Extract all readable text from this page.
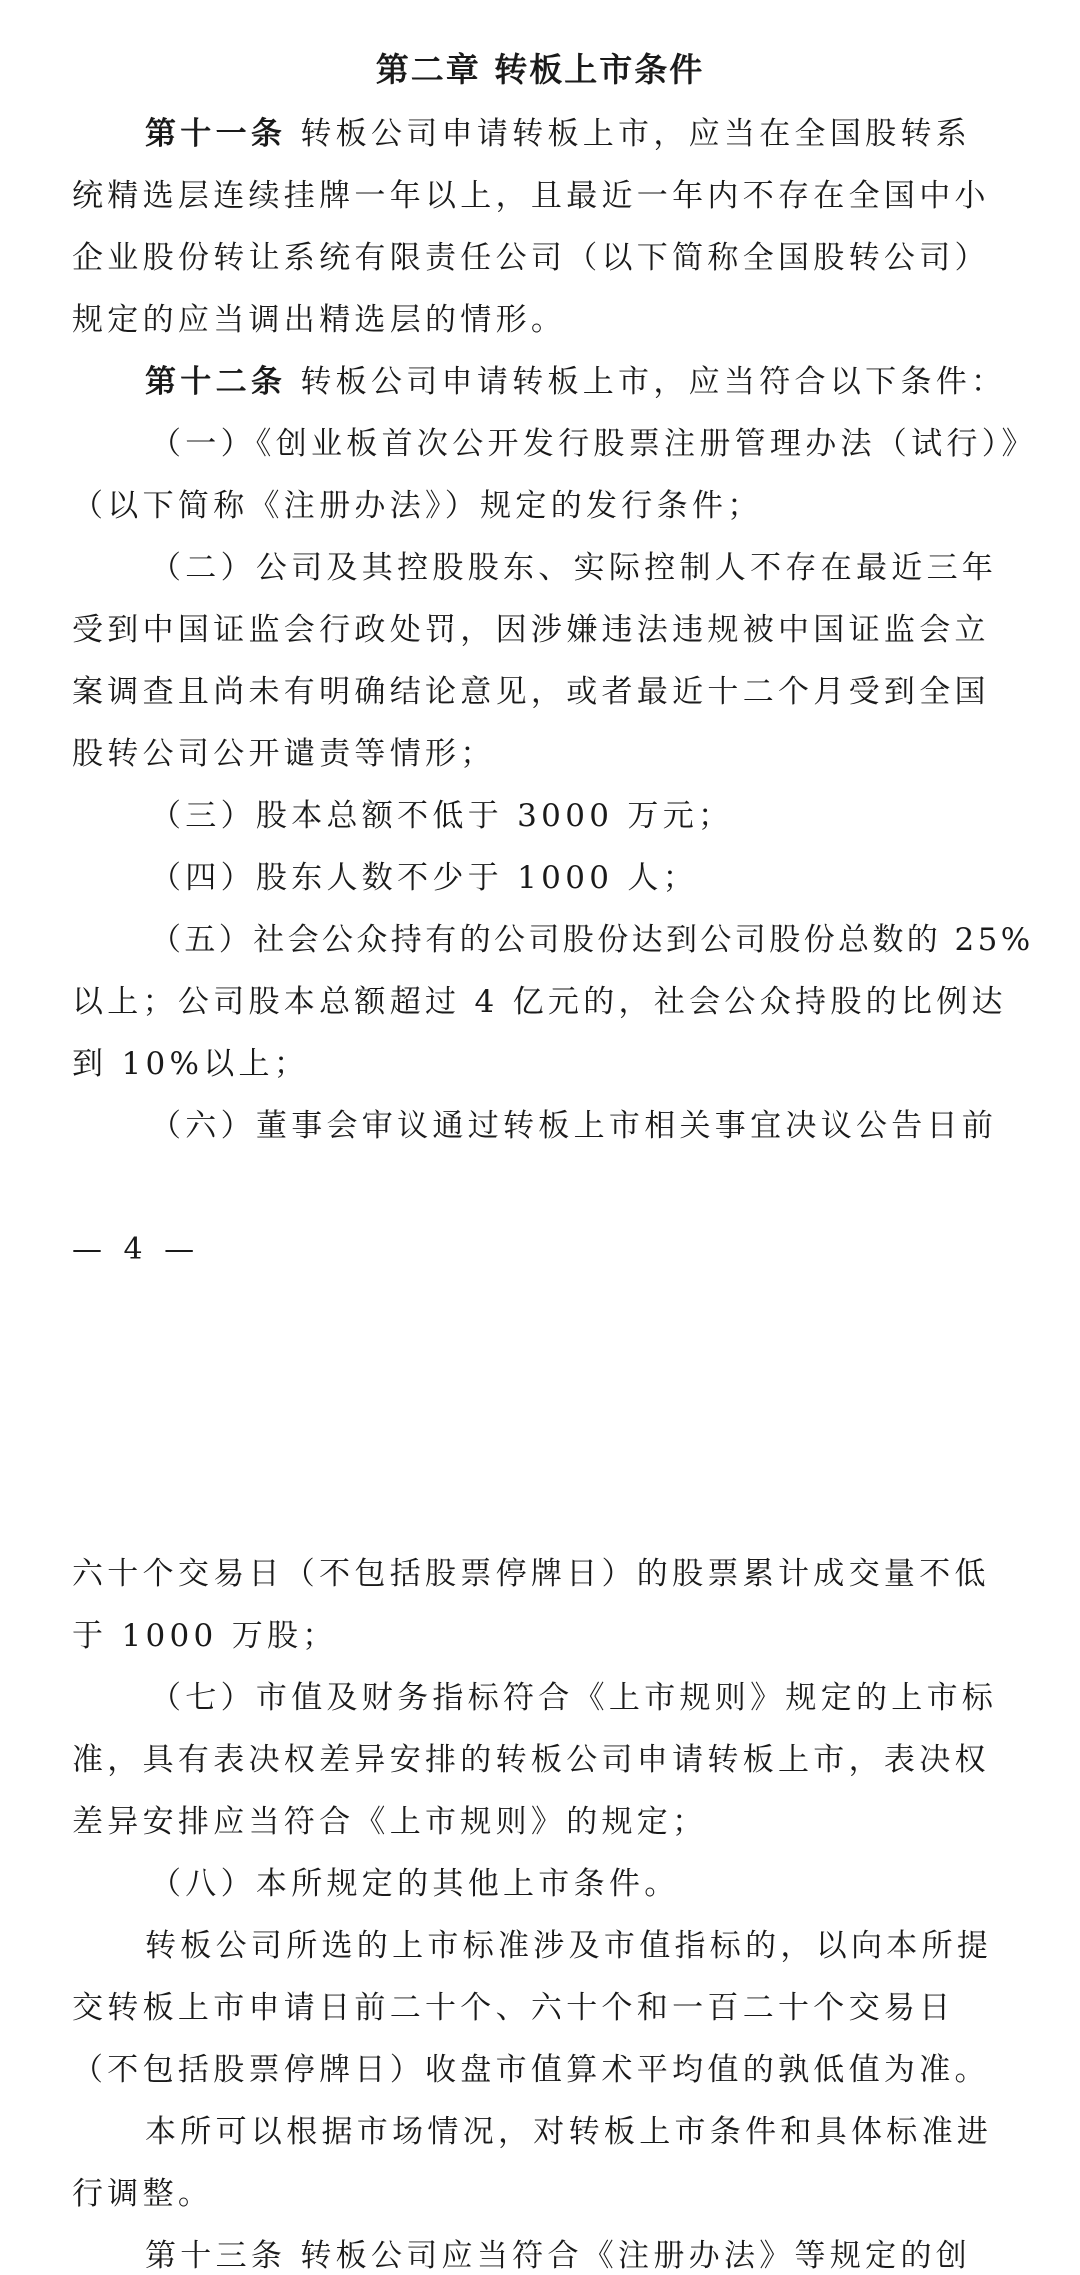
第二章 转板上市条件

第十一条 转板公司申请转板上市，应当在全国股转系

统精选层连续挂牌一年以上，且最近一年内不存在全国中小

企业股份转让系统有限责任公司（以下简称全国股转公司）

规定的应当调出精选层的情形。

第十二条 转板公司申请转板上市，应当符合以下条件：

（一）《创业板首次公开发行股票注册管理办法（试行）》

（以下简称《注册办法》）规定的发行条件；

（二）公司及其控股股东、实际控制人不存在最近三年

受到中国证监会行政处罚，因涉嫌违法违规被中国证监会立

案调查且尚未有明确结论意见，或者最近十二个月受到全国

股转公司公开谴责等情形；

（三）股本总额不低于 3000 万元；

（四）股东人数不少于 1000 人；

（五）社会公众持有的公司股份达到公司股份总数的 25%

以上；公司股本总额超过 4 亿元的，社会公众持股的比例达

到 10%以上；

（六）董事会审议通过转板上市相关事宜决议公告日前

— 4 —

六十个交易日（不包括股票停牌日）的股票累计成交量不低

于 1000 万股；

（七）市值及财务指标符合《上市规则》规定的上市标

准，具有表决权差异安排的转板公司申请转板上市，表决权

差异安排应当符合《上市规则》的规定；

（八）本所规定的其他上市条件。

转板公司所选的上市标准涉及市值指标的，以向本所提

交转板上市申请日前二十个、六十个和一百二十个交易日

（不包括股票停牌日）收盘市值算术平均值的孰低值为准。

本所可以根据市场情况，对转板上市条件和具体标准进

行调整。

第十三条 转板公司应当符合《注册办法》等规定的创
